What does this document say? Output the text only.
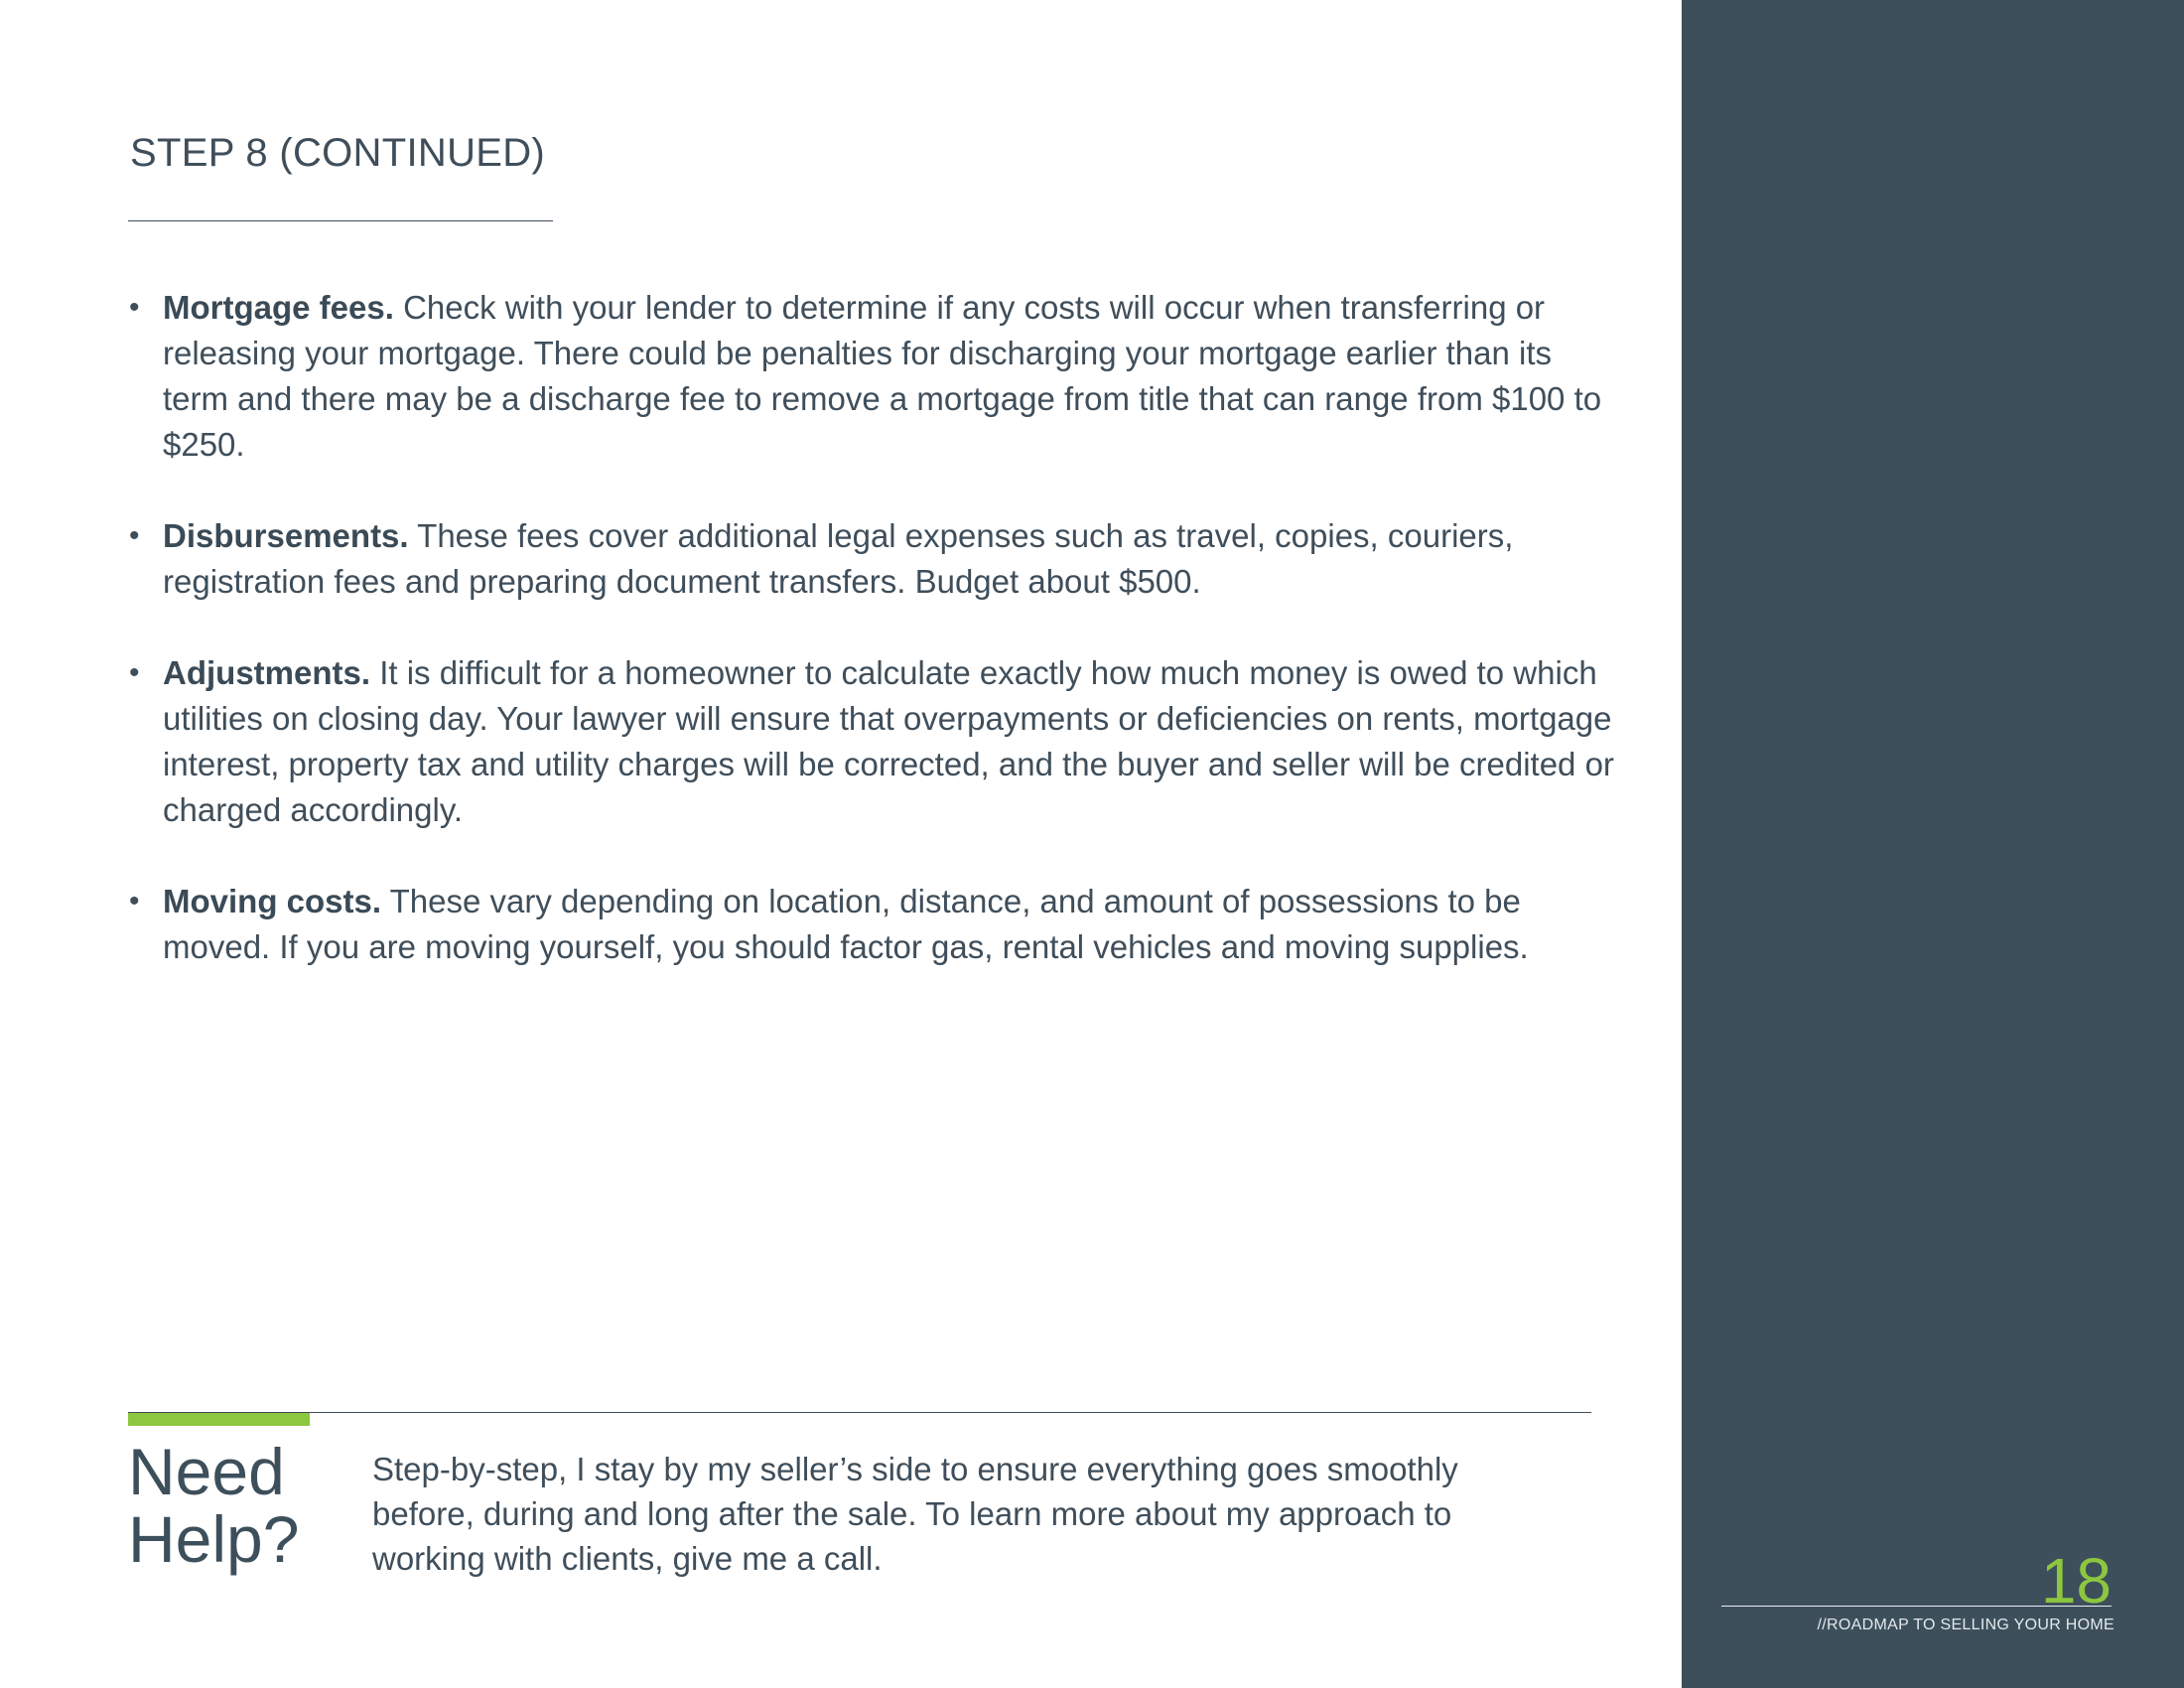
STEP 8 (CONTINUED)
• Mortgage fees. Check with your lender to determine if any costs will occur when transferring or releasing your mortgage. There could be penalties for discharging your mortgage earlier than its term and there may be a discharge fee to remove a mortgage from title that can range from $100 to $250.
• Disbursements. These fees cover additional legal expenses such as travel, copies, couriers, registration fees and preparing document transfers. Budget about $500.
• Adjustments. It is difficult for a homeowner to calculate exactly how much money is owed to which utilities on closing day. Your lawyer will ensure that overpayments or deficiencies on rents, mortgage interest, property tax and utility charges will be corrected, and the buyer and seller will be credited or charged accordingly.
• Moving costs. These vary depending on location, distance, and amount of possessions to be moved. If you are moving yourself, you should factor gas, rental vehicles and moving supplies.
Need
Help?

Step-by-step, I stay by my seller’s side to ensure everything goes smoothly before, during and long after the sale. To learn more about my approach to working with clients, give me a call.	18
//ROADMAP TO SELLING YOUR HOME
